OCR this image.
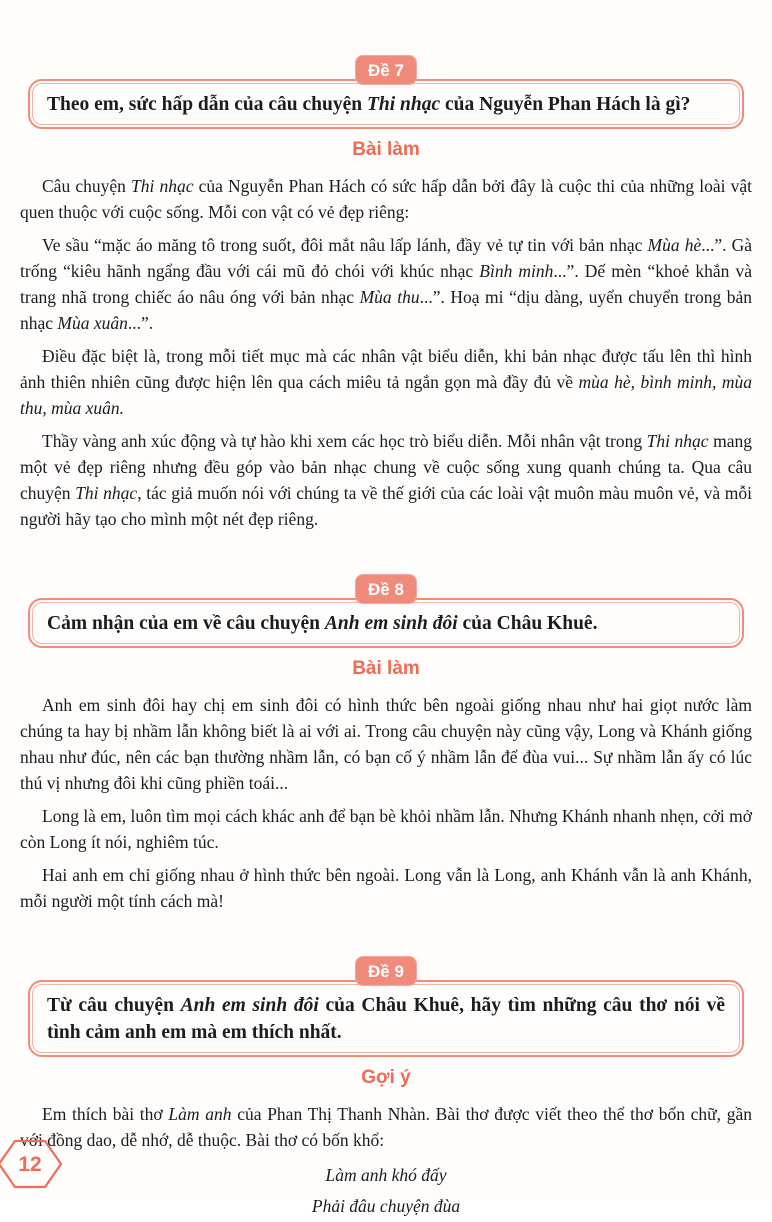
Đề 7
Theo em, sức hấp dẫn của câu chuyện Thi nhạc của Nguyễn Phan Hách là gì?
Bài làm

Câu chuyện Thi nhạc của Nguyễn Phan Hách có sức hấp dẫn bởi đây là cuộc thi của những loài vật quen thuộc với cuộc sống. Mỗi con vật có vẻ đẹp riêng:

Ve sầu “mặc áo măng tô trong suốt, đôi mắt nâu lấp lánh, đầy vẻ tự tin với bản nhạc Mùa hè...”. Gà trống “kiêu hãnh ngẩng đầu với cái mũ đỏ chói với khúc nhạc Bình minh...”. Dế mèn “khoẻ khắn và trang nhã trong chiếc áo nâu óng với bản nhạc Mùa thu...”. Hoạ mi “dịu dàng, uyển chuyển trong bản nhạc Mùa xuân...”.

Điều đặc biệt là, trong mỗi tiết mục mà các nhân vật biểu diễn, khi bản nhạc được tấu lên thì hình ảnh thiên nhiên cũng được hiện lên qua cách miêu tả ngắn gọn mà đầy đủ về mùa hè, bình minh, mùa thu, mùa xuân.

Thầy vàng anh xúc động và tự hào khi xem các học trò biểu diễn. Mỗi nhân vật trong Thi nhạc mang một vẻ đẹp riêng nhưng đều góp vào bản nhạc chung về cuộc sống xung quanh chúng ta. Qua câu chuyện Thi nhạc, tác giả muốn nói với chúng ta về thế giới của các loài vật muôn màu muôn vẻ, và mỗi người hãy tạo cho mình một nét đẹp riêng.

Đề 8
Cảm nhận của em về câu chuyện Anh em sinh đôi của Châu Khuê.
Bài làm

Anh em sinh đôi hay chị em sinh đôi có hình thức bên ngoài giống nhau như hai giọt nước làm chúng ta hay bị nhầm lẫn không biết là ai với ai. Trong câu chuyện này cũng vậy, Long và Khánh giống nhau như đúc, nên các bạn thường nhầm lẫn, có bạn cố ý nhầm lẫn để đùa vui... Sự nhầm lẫn ấy có lúc thú vị nhưng đôi khi cũng phiền toái...

Long là em, luôn tìm mọi cách khác anh để bạn bè khỏi nhầm lẫn. Nhưng Khánh nhanh nhẹn, cởi mở còn Long ít nói, nghiêm túc.

Hai anh em chỉ giống nhau ở hình thức bên ngoài. Long vẫn là Long, anh Khánh vẫn là anh Khánh, mỗi người một tính cách mà!

Đề 9
Từ câu chuyện Anh em sinh đôi của Châu Khuê, hãy tìm những câu thơ nói về tình cảm anh em mà em thích nhất.
Gợi ý

Em thích bài thơ Làm anh của Phan Thị Thanh Nhàn. Bài thơ được viết theo thể thơ bốn chữ, gần với đồng dao, dễ nhớ, dễ thuộc. Bài thơ có bốn khổ:

Làm anh khó đấy
Phải đâu chuyện đùa
12
